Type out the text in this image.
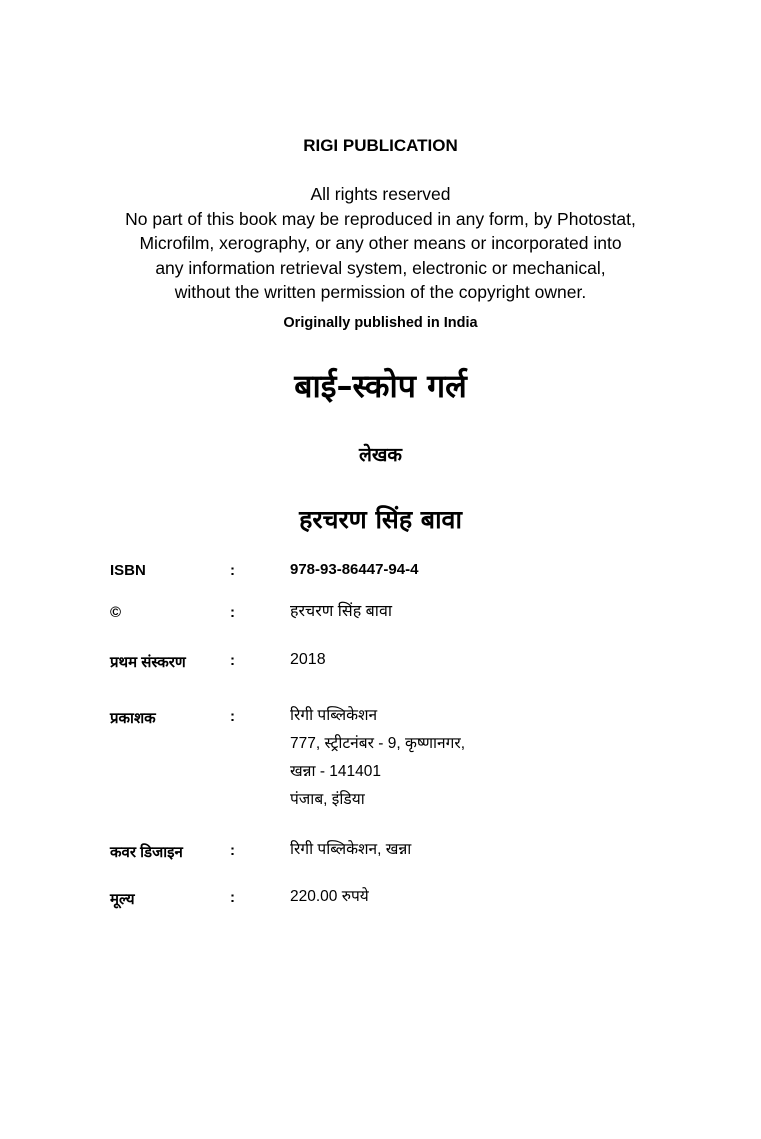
RIGI PUBLICATION
All rights reserved
No part of this book may be reproduced in any form, by Photostat,
Microfilm, xerography, or any other means or incorporated into
any information retrieval system, electronic or mechanical,
without the written permission of the copyright owner.
Originally published in India
बाई–स्कोप गर्ल
लेखक
हरचरण सिंह बावा
ISBN	:	978-93-86447-94-4
©	:	हरचरण सिंह बावा
प्रथम संस्करण	:	2018
प्रकाशक	:	रिगी पब्लिकेशन
777, स्ट्रीटनंबर - 9, कृष्णानगर,
खन्ना - 141401
पंजाब, इंडिया
कवर डिजाइन	:	रिगी पब्लिकेशन, खन्ना
मूल्य	:	220.00 रुपये
